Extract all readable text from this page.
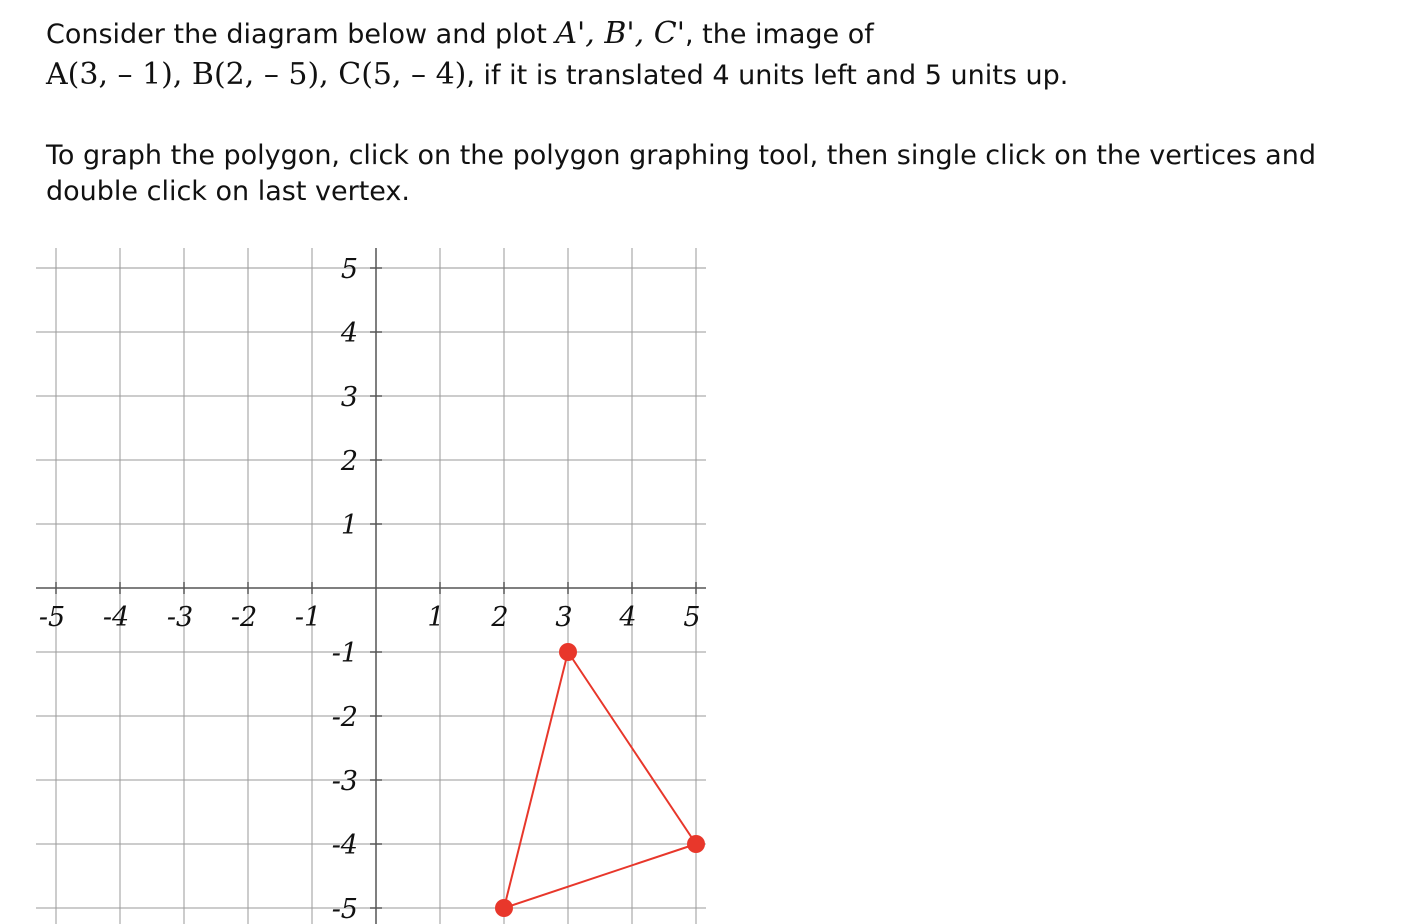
Consider the diagram below and plot A', B', C', the image of
A(3, – 1), B(2, – 5), C(5, – 4), if it is translated 4 units left and 5 units up.
To graph the polygon, click on the polygon graphing tool, then single click on the vertices and double click on last vertex.
-5 -4 -3 -2 -1	1 2 3 4 5
5
4
3
2
1
-1
-2
-3
-4
-5
